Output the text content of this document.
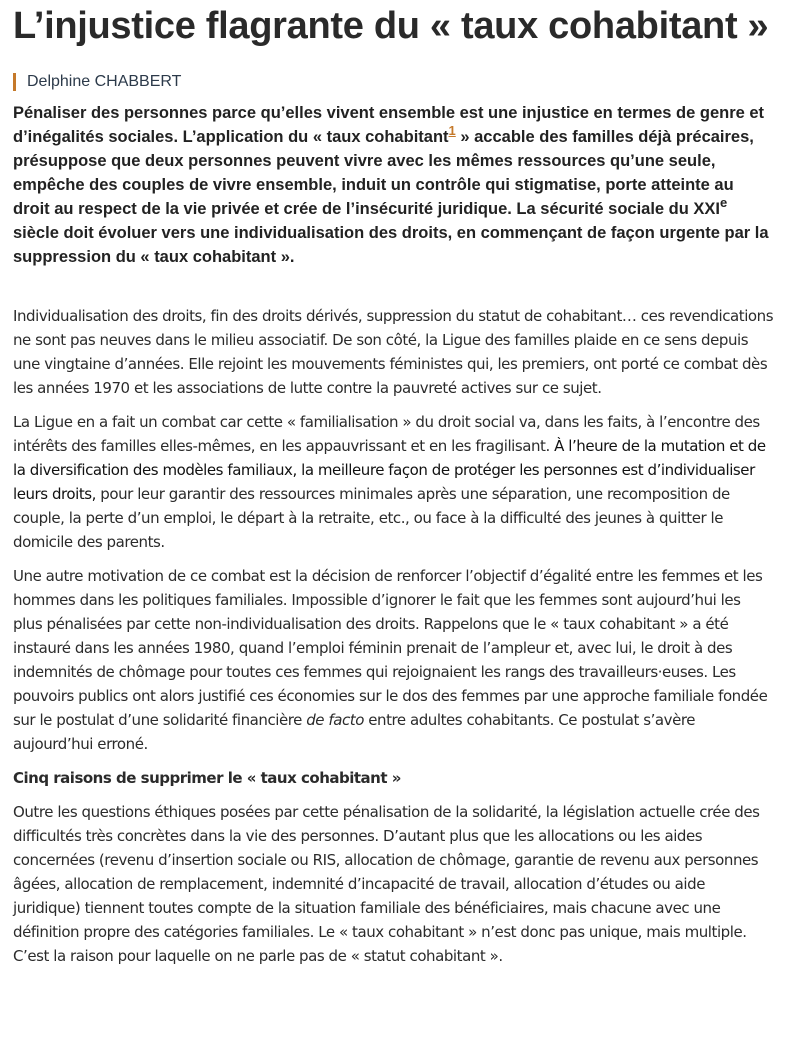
L’injustice flagrante du « taux cohabitant »
Delphine CHABBERT

Pénaliser des personnes parce qu’elles vivent ensemble est une injustice en termes de genre et d’inégalités sociales. L’application du « taux cohabitant$^1$ » accable des familles déjà précaires, présuppose que deux personnes peuvent vivre avec les mêmes ressources qu’une seule, empêche des couples de vivre ensemble, induit un contrôle qui stigmatise, porte atteinte au droit au respect de la vie privée et crée de l’insécurité juridique. La sécurité sociale du XXIe siècle doit évoluer vers une individualisation des droits, en commençant de façon urgente par la suppression du « taux cohabitant ».

Individualisation des droits, fin des droits dérivés, suppression du statut de cohabitant… ces revendications ne sont pas neuves dans le milieu associatif. De son côté, la Ligue des familles plaide en ce sens depuis une vingtaine d’années. Elle rejoint les mouvements féministes qui, les premiers, ont porté ce combat dès les années 1970 et les associations de lutte contre la pauvreté actives sur ce sujet.

La Ligue en a fait un combat car cette « familialisation » du droit social va, dans les faits, à l’encontre des intérêts des familles elles-mêmes, en les appauvrissant et en les fragilisant. À l’heure de la mutation et de la diversification des modèles familiaux, la meilleure façon de protéger les personnes est d’individualiser leurs droits, pour leur garantir des ressources minimales après une séparation, une recomposition de couple, la perte d’un emploi, le départ à la retraite, etc., ou face à la difficulté des jeunes à quitter le domicile des parents.

Une autre motivation de ce combat est la décision de renforcer l’objectif d’égalité entre les femmes et les hommes dans les politiques familiales. Impossible d’ignorer le fait que les femmes sont aujourd’hui les plus pénalisées par cette non-individualisation des droits. Rappelons que le « taux cohabitant » a été instauré dans les années 1980, quand l’emploi féminin prenait de l’ampleur et, avec lui, le droit à des indemnités de chômage pour toutes ces femmes qui rejoignaient les rangs des travailleurs·euses. Les pouvoirs publics ont alors justifié ces économies sur le dos des femmes par une approche familiale fondée sur le postulat d’une solidarité financière de facto entre adultes cohabitants. Ce postulat s’avère aujourd’hui erroné.

Cinq raisons de supprimer le « taux cohabitant »

Outre les questions éthiques posées par cette pénalisation de la solidarité, la législation actuelle crée des difficultés très concrètes dans la vie des personnes. D’autant plus que les allocations ou les aides concernées (revenu d’insertion sociale ou RIS, allocation de chômage, garantie de revenu aux personnes âgées, allocation de remplacement, indemnité d’incapacité de travail, allocation d’études ou aide juridique) tiennent toutes compte de la situation familiale des bénéficiaires, mais chacune avec une définition propre des catégories familiales. Le « taux cohabitant » n’est donc pas unique, mais multiple. C’est la raison pour laquelle on ne parle pas de « statut cohabitant ».
